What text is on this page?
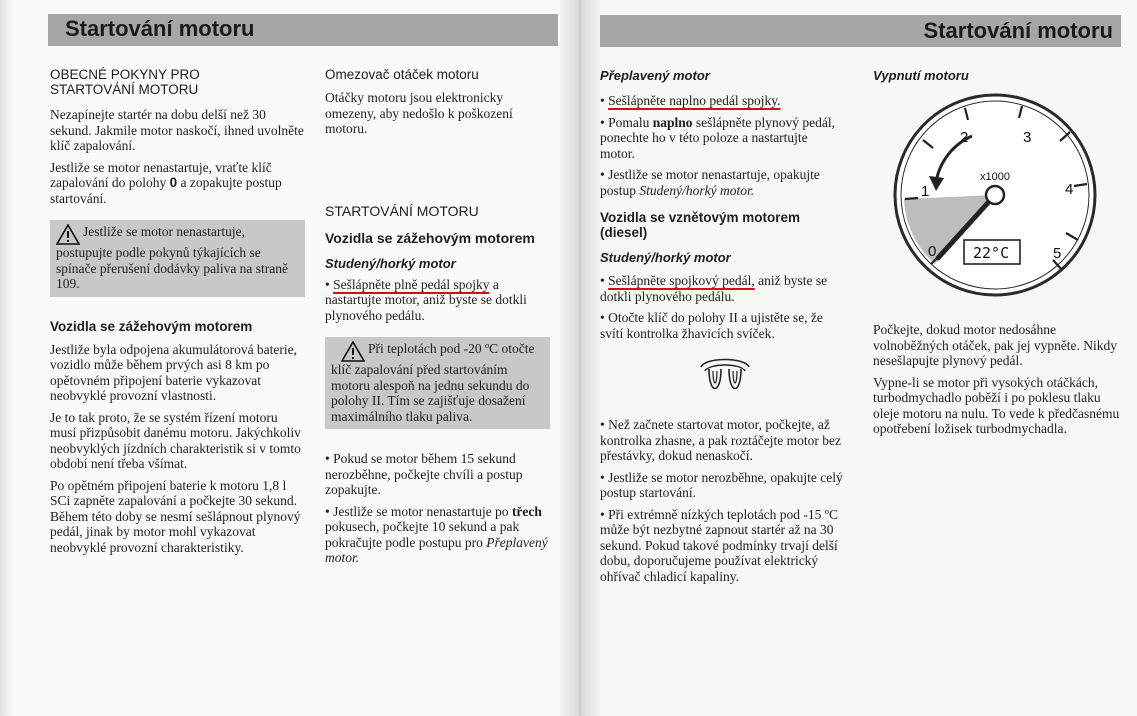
Startování motoru	Startování motoru
OBECNÉ POKYNY PRO
STARTOVÁNÍ MOTORU

Nezapínejte startér na dobu delší než 30 sekund. Jakmile motor naskočí, ihned uvolněte klíč zapalování.

Jestliže se motor nenastartuje, vraťte klíč zapalování do polohy 0 a zopakujte postup startování.

Jestliže se motor nenastartuje, postupujte podle pokynů týkajících se spínače přerušení dodávky paliva na straně 109.
Vozidla se zážehovým motorem

Jestliže byla odpojena akumulátorová baterie, vozidlo může během prvých asi 8 km po opětovném připojení baterie vykazovat neobvyklé provozní vlastnosti.

Je to tak proto, že se systém řízení motoru musí přizpůsobit danému motoru. Jakýchkoliv neobvyklých jízdních charakteristik si v tomto období není třeba všímat.

Po opětném připojení baterie k motoru 1,8 l SCi zapněte zapalování a počkejte 30 sekund. Během této doby se nesmí sešlápnout plynový pedál, jinak by motor mohl vykazovat neobvyklé provozní charakteristiky.

Omezovač otáček motoru

Otáčky motoru jsou elektronicky omezeny, aby nedošlo k poškození motoru.

STARTOVÁNÍ MOTORU
Vozidla se zážehovým motorem
Studený/horký motor

• Sešlápněte plně pedál spojky a nastartujte motor, aniž byste se dotkli plynového pedálu.

Při teplotách pod -20 ºC otočte klíč zapalování před startováním motoru alespoň na jednu sekundu do polohy II. Tím se zajišťuje dosažení maximálního tlaku paliva.

• Pokud se motor během 15 sekund nerozběhne, počkejte chvíli a postup zopakujte.

• Jestliže se motor nenastartuje po třech pokusech, počkejte 10 sekund a pak pokračujte podle postupu pro Přeplavený motor.

Přeplavený motor

• Sešlápněte naplno pedál spojky.

• Pomalu naplno sešlápněte plynový pedál, ponechte ho v této poloze a nastartujte motor.

• Jestliže se motor nenastartuje, opakujte postup Studený/horký motor.

Vozidla se vznětovým motorem
(diesel)
Studený/horký motor

• Sešlápněte spojkový pedál, aniž byste se dotkli plynového pedálu.

• Otočte klíč do polohy II a ujistěte se, že svítí kontrolka žhavicích svíček.

• Než začnete startovat motor, počkejte, až kontrolka zhasne, a pak roztáčejte motor bez přestávky, dokud nenaskočí.

• Jestliže se motor nerozběhne, opakujte celý postup startování.

• Při extrémně nízkých teplotách pod -15 ºC může být nezbytné zapnout startér až na 30 sekund. Pokud takové podmínky trvají delší dobu, doporučujeme používat elektrický ohřívač chladicí kapaliny.

Vypnutí motoru
0
1
2	3
4
5
x1000
22°C

Počkejte, dokud motor nedosáhne volnoběžných otáček, pak jej vypněte. Nikdy nesešlapujte plynový pedál.

Vypne-li se motor při vysokých otáčkách, turbodmychadlo poběží i po poklesu tlaku oleje motoru na nulu. To vede k předčasnému opotřebení ložisek turbodmychadla.
